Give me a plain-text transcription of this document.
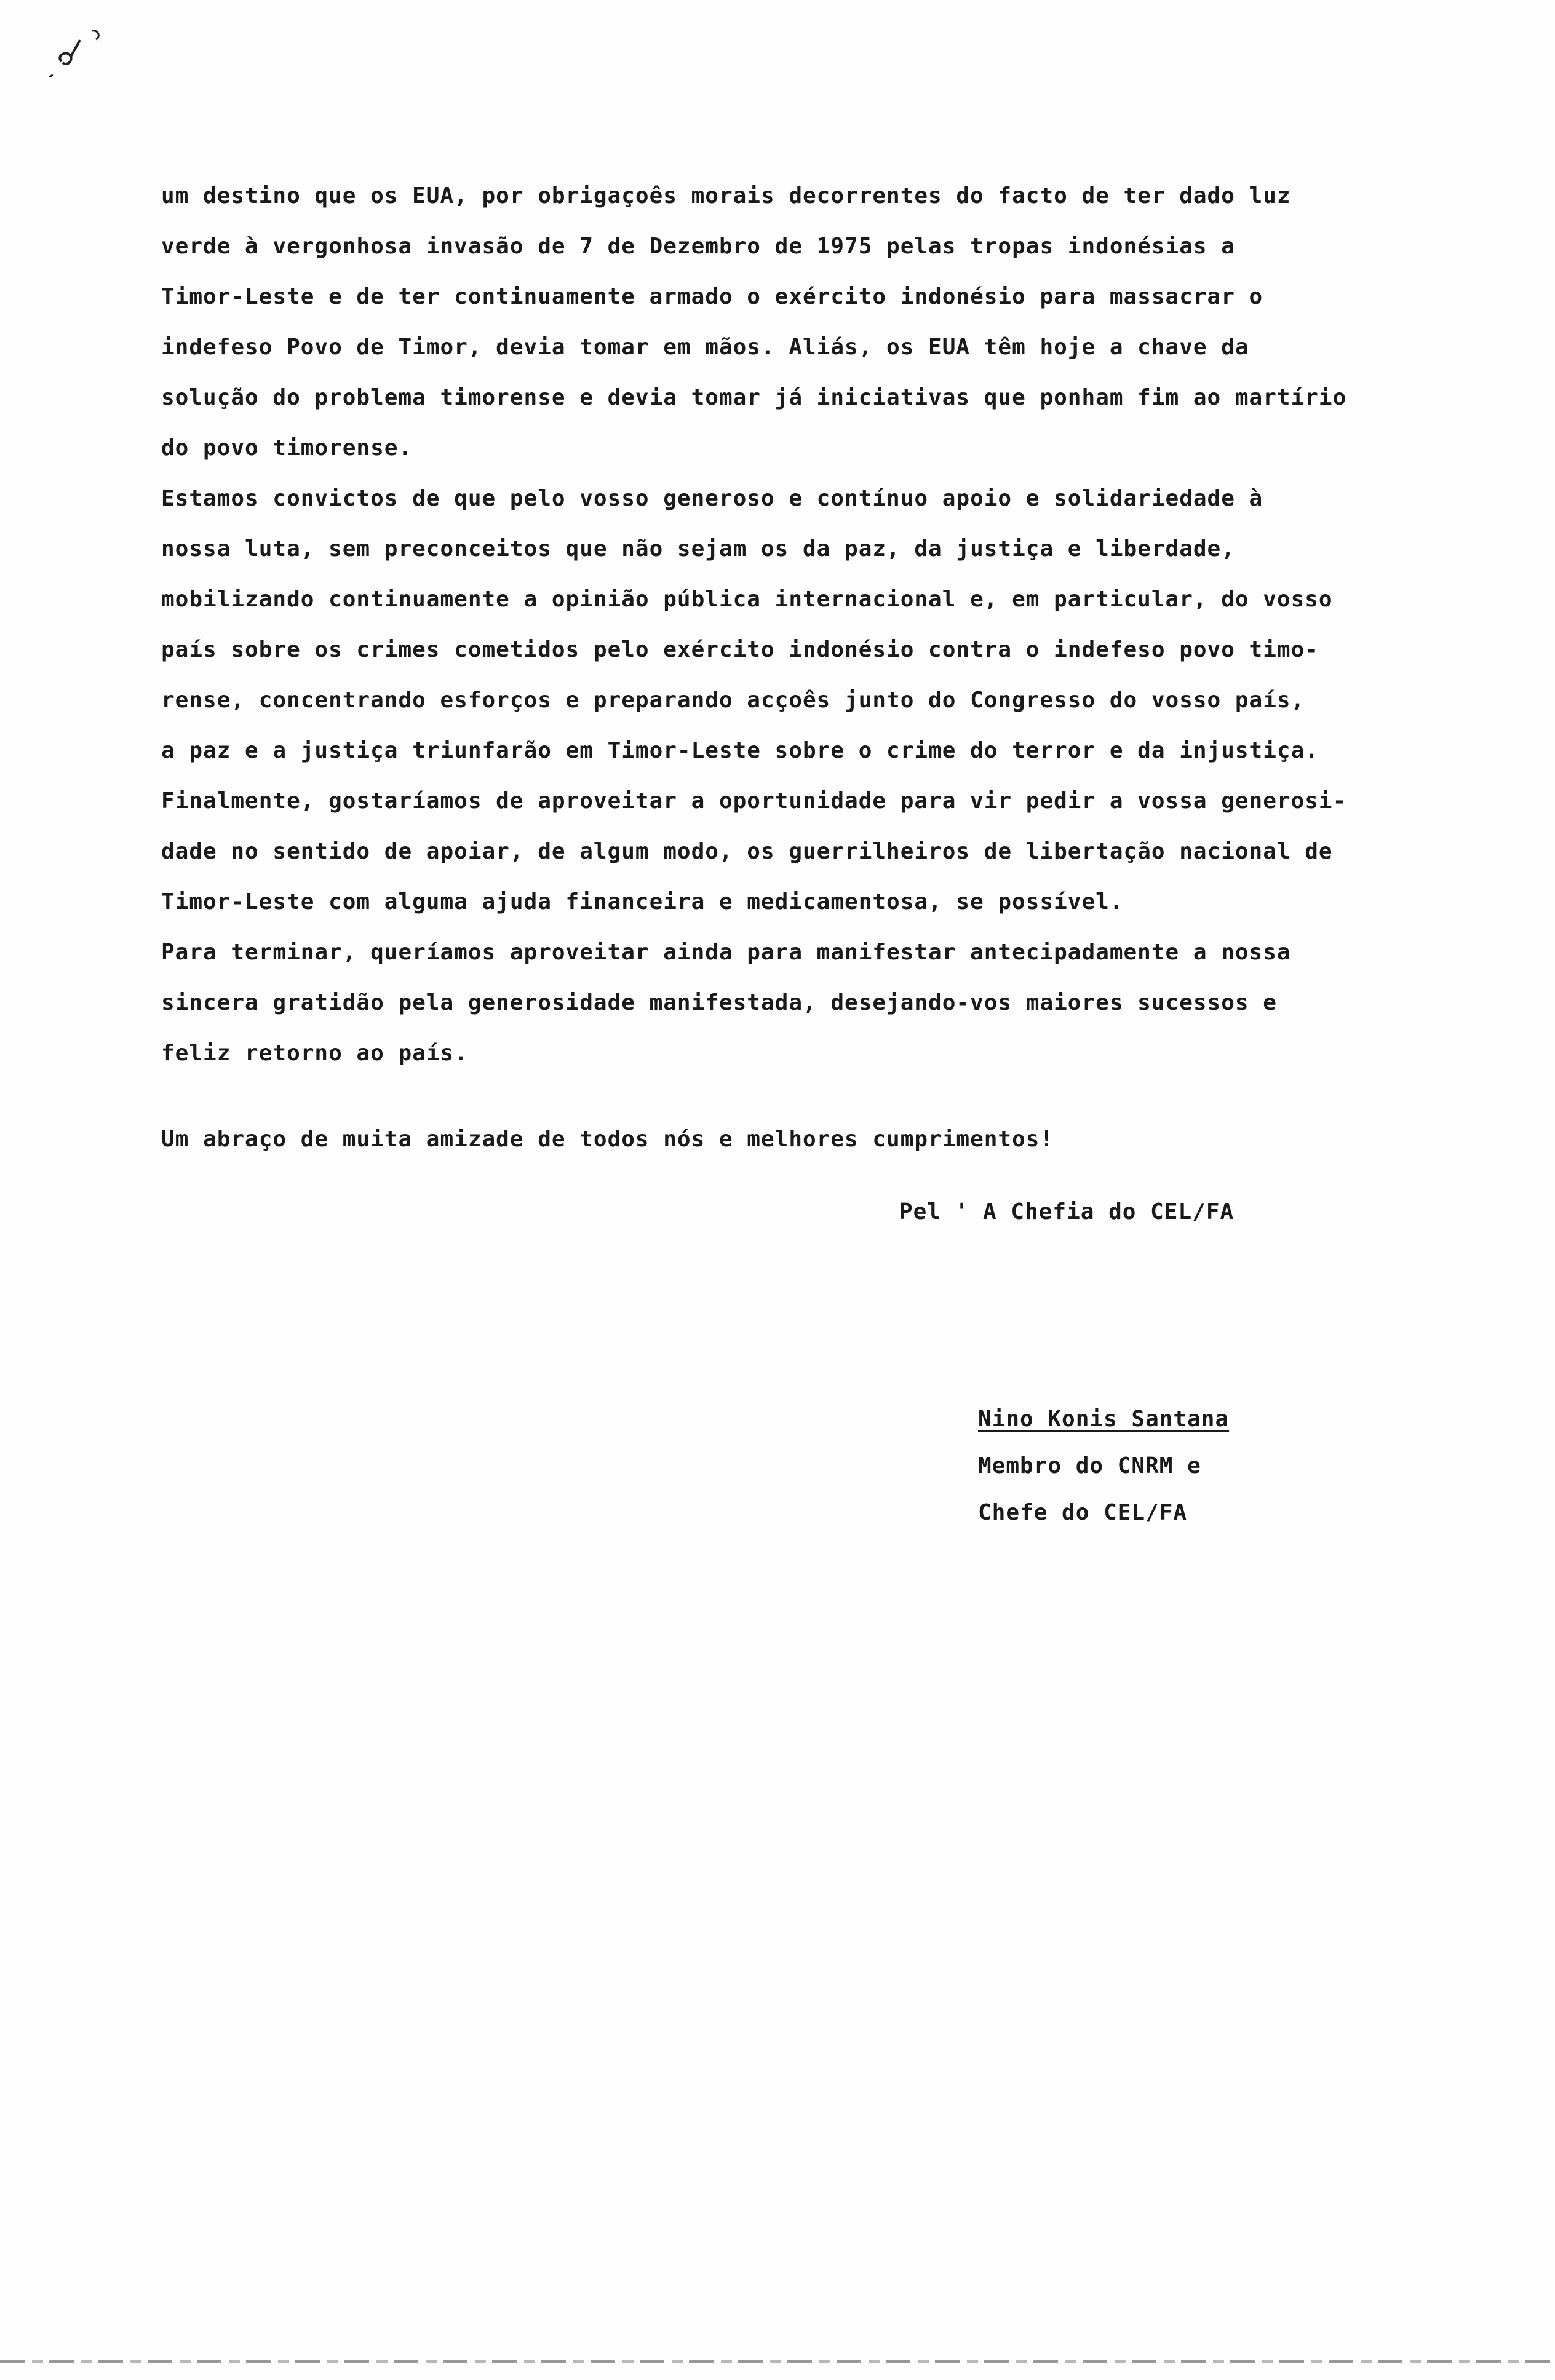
um destino que os EUA, por obrigaçoês morais decorrentes do facto de ter dado luz
verde à vergonhosa invasão de 7 de Dezembro de 1975 pelas tropas indonésias a
Timor-Leste e de ter continuamente armado o exército indonésio para massacrar o
indefeso Povo de Timor, devia tomar em mãos. Aliás, os EUA têm hoje a chave da
solução do problema timorense e devia tomar já iniciativas que ponham fim ao martírio
do povo timorense.
Estamos convictos de que pelo vosso generoso e contínuo apoio e solidariedade à
nossa luta, sem preconceitos que não sejam os da paz, da justiça e liberdade,
mobilizando continuamente a opinião pública internacional e, em particular, do vosso
país sobre os crimes cometidos pelo exército indonésio contra o indefeso povo timo-
rense, concentrando esforços e preparando acçoês junto do Congresso do vosso país,
a paz e a justiça triunfarão em Timor-Leste sobre o crime do terror e da injustiça.
Finalmente, gostaríamos de aproveitar a oportunidade para vir pedir a vossa generosi-
dade no sentido de apoiar, de algum modo, os guerrilheiros de libertação nacional de
Timor-Leste com alguma ajuda financeira e medicamentosa, se possível.
Para terminar, queríamos aproveitar ainda para manifestar antecipadamente a nossa
sincera gratidão pela generosidade manifestada, desejando-vos maiores sucessos e
feliz retorno ao país.
Um abraço de muita amizade de todos nós e melhores cumprimentos!
Pel ' A Chefia do CEL/FA
Nino Konis Santana
Membro do CNRM e
Chefe do CEL/FA
